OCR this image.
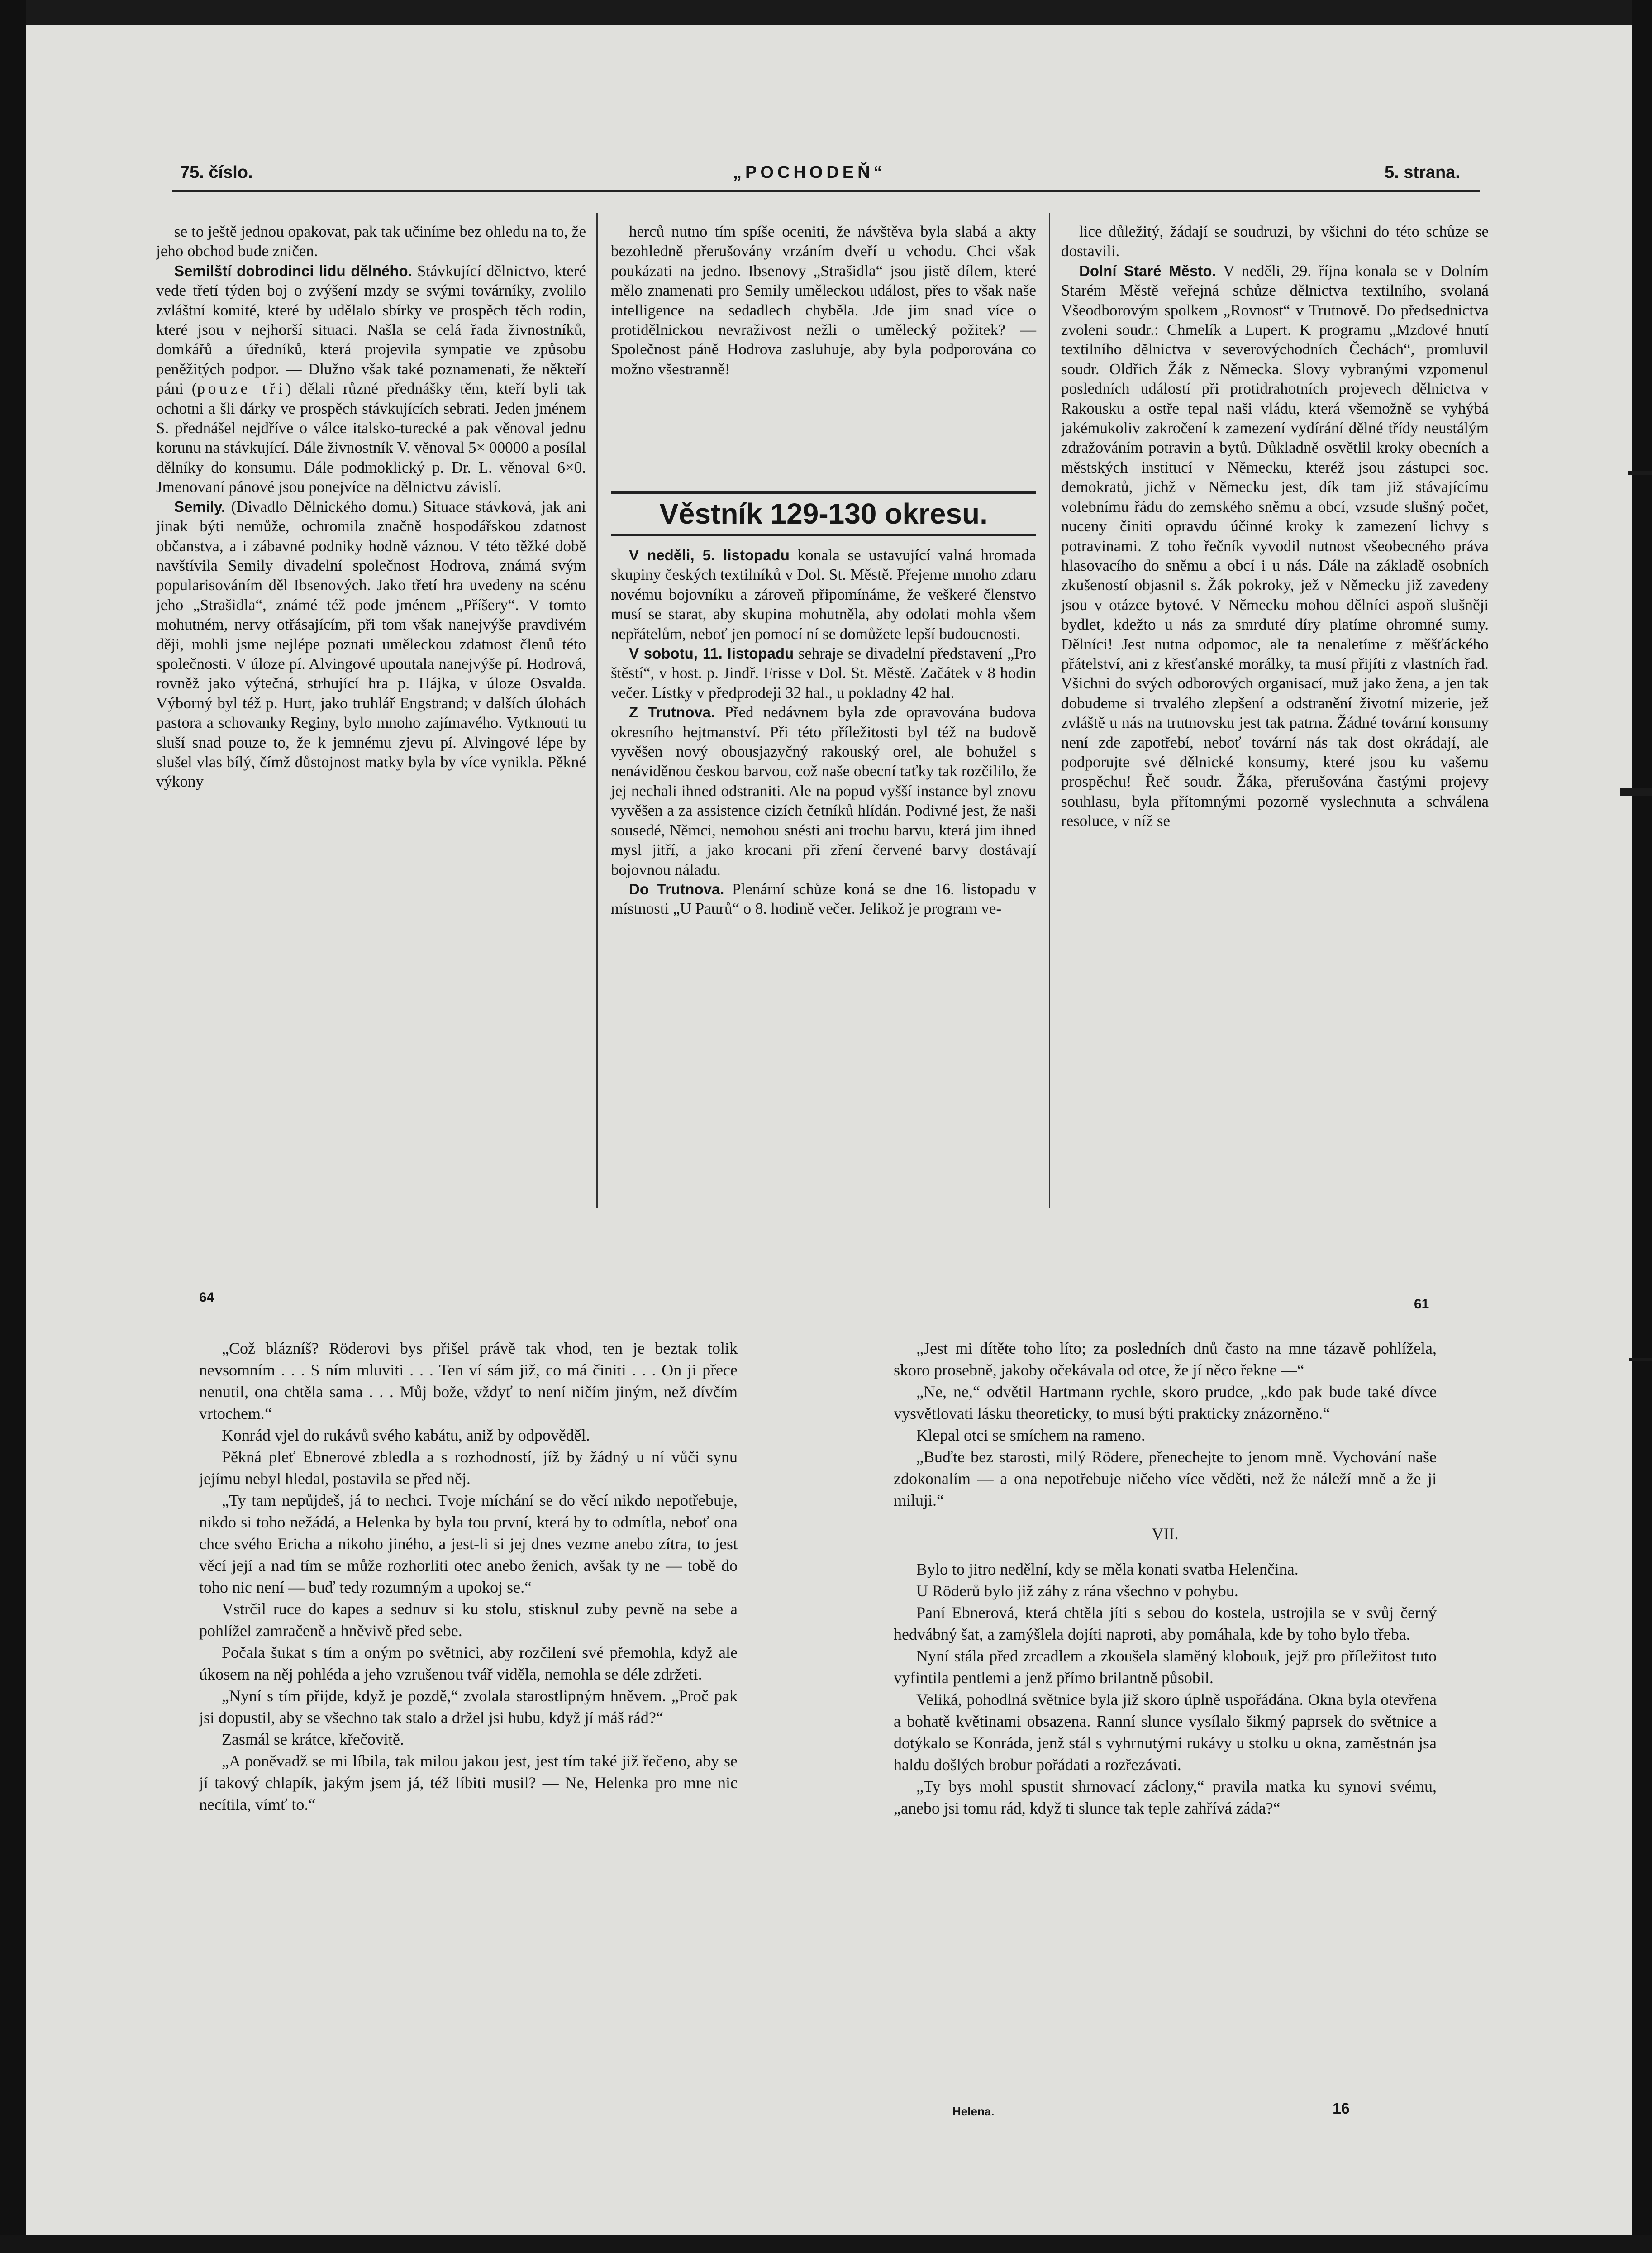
75. číslo.	„POCHODEŇ“	5. strana.

se to ještě jednou opakovat, pak tak učiníme bez ohledu na to, že jeho obchod bude zničen.

Semilští dobrodinci lidu dělného. Stávkující dělnictvo, které vede třetí týden boj o zvýšení mzdy se svými továrníky, zvolilo zvláštní komité, které by udělalo sbírky ve prospěch těch rodin, které jsou v nejhorší situaci. Našla se celá řada živnostníků, domkářů a úředníků, která projevila sympatie ve způsobu peněžitých podpor. — Dlužno však také poznamenati, že někteří páni (pouze tři) dělali různé přednášky těm, kteří byli tak ochotni a šli dárky ve prospěch stávkujících sebrati. Jeden jménem S. přednášel nejdříve o válce italsko-turecké a pak věnoval jednu korunu na stávkující. Dále živnostník V. věnoval 5× 00000 a posílal dělníky do konsumu. Dále podmoklický p. Dr. L. věnoval 6×0. Jmenovaní pánové jsou ponejvíce na dělnictvu závislí.

Semily. (Divadlo Dělnického domu.) Situace stávková, jak ani jinak býti nemůže, ochromila značně hospodářskou zdatnost občanstva, a i zábavné podniky hodně váznou. V této těžké době navštívila Semily divadelní společnost Hodrova, známá svým popularisováním děl Ibsenových. Jako třetí hra uvedeny na scénu jeho „Strašidla“, známé též pode jménem „Příšery“. V tomto mohutném, nervy otřásajícím, při tom však nanejvýše pravdivém ději, mohli jsme nejlépe poznati uměleckou zdatnost členů této společnosti. V úloze pí. Alvingové upoutala nanejvýše pí. Hodrová, rovněž jako výtečná, strhující hra p. Hájka, v úloze Osvalda. Výborný byl též p. Hurt, jako truhlář Engstrand; v dalších úlohách pastora a schovanky Reginy, bylo mnoho zajímavého. Vytknouti tu sluší snad pouze to, že k jemnému zjevu pí. Alvingové lépe by slušel vlas bílý, čímž důstojnost matky byla by více vynikla. Pěkné výkony

herců nutno tím spíše oceniti, že návštěva byla slabá a akty bezohledně přerušovány vrzáním dveří u vchodu. Chci však poukázati na jedno. Ibsenovy „Strašidla“ jsou jistě dílem, které mělo znamenati pro Semily uměleckou událost, přes to však naše intelligence na sedadlech chyběla. Jde jim snad více o protidělnickou nevraživost nežli o umělecký požitek? — Společnost páně Hodrova zasluhuje, aby byla podporována co možno všestranně!

Věstník 129-130 okresu.

V neděli, 5. listopadu konala se ustavující valná hromada skupiny českých textilníků v Dol. St. Městě. Přejeme mnoho zdaru novému bojovníku a zároveň připomínáme, že veškeré členstvo musí se starat, aby skupina mohutněla, aby odolati mohla všem nepřátelům, neboť jen pomocí ní se domůžete lepší budoucnosti.

V sobotu, 11. listopadu sehraje se divadelní představení „Pro štěstí“, v host. p. Jindř. Frisse v Dol. St. Městě. Začátek v 8 hodin večer. Lístky v předprodeji 32 hal., u pokladny 42 hal.

Z Trutnova. Před nedávnem byla zde opravována budova okresního hejtmanství. Při této příležitosti byl též na budově vyvěšen nový obousjazyčný rakouský orel, ale bohužel s nenáviděnou českou barvou, což naše obecní taťky tak rozčililo, že jej nechali ihned odstraniti. Ale na popud vyšší instance byl znovu vyvěšen a za assistence cizích četníků hlídán. Podivné jest, že naši sousedé, Němci, nemohou snésti ani trochu barvu, která jim ihned mysl jitří, a jako krocani při zření červené barvy dostávají bojovnou náladu.

Do Trutnova. Plenární schůze koná se dne 16. listopadu v místnosti „U Paurů“ o 8. hodině večer. Jelikož je program ve-

lice důležitý, žádají se soudruzi, by všichni do této schůze se dostavili.

Dolní Staré Město. V neděli, 29. října konala se v Dolním Starém Městě veřejná schůze dělnictva textilního, svolaná Všeodborovým spolkem „Rovnost“ v Trutnově. Do předsednictva zvoleni soudr.: Chmelík a Lupert. K programu „Mzdové hnutí textilního dělnictva v severovýchodních Čechách“, promluvil soudr. Oldřich Žák z Německa. Slovy vybranými vzpomenul posledních událostí při protidrahotních projevech dělnictva v Rakousku a ostře tepal naši vládu, která všemožně se vyhýbá jakémukoliv zakročení k zamezení vydírání dělné třídy neustálým zdražováním potravin a bytů. Důkladně osvětlil kroky obecních a městských institucí v Německu, kteréž jsou zástupci soc. demokratů, jichž v Německu jest, dík tam již stávajícímu volebnímu řádu do zemského sněmu a obcí, vzsude slušný počet, nuceny činiti opravdu účinné kroky k zamezení lichvy s potravinami. Z toho řečník vyvodil nutnost všeobecného práva hlasovacího do sněmu a obcí i u nás. Dále na základě osobních zkušeností objasnil s. Žák pokroky, jež v Německu již zavedeny jsou v otázce bytové. V Německu mohou dělníci aspoň slušněji bydlet, kdežto u nás za smrduté díry platíme ohromné sumy. Dělníci! Jest nutna odpomoc, ale ta nenaletíme z měšťáckého přátelství, ani z křesťanské morálky, ta musí přijíti z vlastních řad. Všichni do svých odborových organisací, muž jako žena, a jen tak dobudeme si trvalého zlepšení a odstranění životní mizerie, jež zvláště u nás na trutnovsku jest tak patrna. Žádné tovární konsumy není zde zapotřebí, neboť tovární nás tak dost okrádají, ale podporujte své dělnické konsumy, které jsou ku vašemu prospěchu! Řeč soudr. Žáka, přerušována častými projevy souhlasu, byla přítomnými pozorně vyslechnuta a schválena resoluce, v níž se

64	61

„Což blázníš? Röderovi bys přišel právě tak vhod, ten je beztak tolik nevsomním . . . S ním mluviti . . . Ten ví sám již, co má činiti . . . On ji přece nenutil, ona chtěla sama . . . Můj bože, vždyť to není ničím jiným, než dívčím vrtochem.“

Konrád vjel do rukávů svého kabátu, aniž by odpověděl.

Pěkná pleť Ebnerové zbledla a s rozhodností, jíž by žádný u ní vůči synu jejímu nebyl hledal, postavila se před něj.

„Ty tam nepůjdeš, já to nechci. Tvoje míchání se do věcí nikdo nepotřebuje, nikdo si toho nežádá, a Helenka by byla tou první, která by to odmítla, neboť ona chce svého Ericha a nikoho jiného, a jest-li si jej dnes vezme anebo zítra, to jest věcí její a nad tím se může rozhorliti otec anebo ženich, avšak ty ne — tobě do toho nic není — buď tedy rozumným a upokoj se.“

Vstrčil ruce do kapes a sednuv si ku stolu, stisknul zuby pevně na sebe a pohlížel zamračeně a hněvivě před sebe.

Počala šukat s tím a oným po světnici, aby rozčilení své přemohla, když ale úkosem na něj pohléda a jeho vzrušenou tvář viděla, nemohla se déle zdržeti.

„Nyní s tím přijde, když je pozdě,“ zvolala starostlipným hněvem. „Proč pak jsi dopustil, aby se všechno tak stalo a držel jsi hubu, když jí máš rád?“

Zasmál se krátce, křečovitě.

„A poněvadž se mi líbila, tak milou jakou jest, jest tím také již řečeno, aby se jí takový chlapík, jakým jsem já, též líbiti musil? — Ne, Helenka pro mne nic necítila, vímť to.“

„Jest mi dítěte toho líto; za posledních dnů častо na mne tázavě pohlížela, skoro prosebně, jakoby očekávala od otce, že jí něco řekne —“

„Ne, ne,“ odvětil Hartmann rychle, skoro prudce, „kdo pak bude také dívce vysvětlovati lásku theoreticky, to musí býti prakticky znázorněno.“

Klepal otci se smíchem na rameno.

„Buďte bez starosti, milý Rödere, přenechejte to jenom mně. Vychování naše zdokonalím — a ona nepotřebuje ničeho více věděti, než že náleží mně a že ji miluji.“

VII.

Bylo to jitro nedělní, kdy se měla konati svatba Helenčina.

U Röderů bylo již záhy z rána všechno v pohybu.

Paní Ebnerová, která chtěla jíti s sebou do kostela, ustrojila se v svůj černý hedvábný šat, a zamýšlela dojíti naproti, aby pomáhala, kde by toho bylo třeba.

Nyní stála před zrcadlem a zkoušela slaměný klobouk, jejž pro příležitost tuto vyfintila pentlemi a jenž přímo brilantně působil.

Veliká, pohodlná světnice byla již skoro úplně uspořádána. Okna byla otevřena a bohatě květinami obsazena. Ranní slunce vysílalo šikmý paprsek do světnice a dotýkalo se Konráda, jenž stál s vyhrnutými rukávy u stolku u okna, zaměstnán jsa haldu došlých brobur pořádati a rozřezávati.

„Ty bys mohl spustit shrnovací záclony,“ pravila matka ku synovi svému, „anebo jsi tomu rád, když ti slunce tak teple zahřívá záda?“

Helena.	16
